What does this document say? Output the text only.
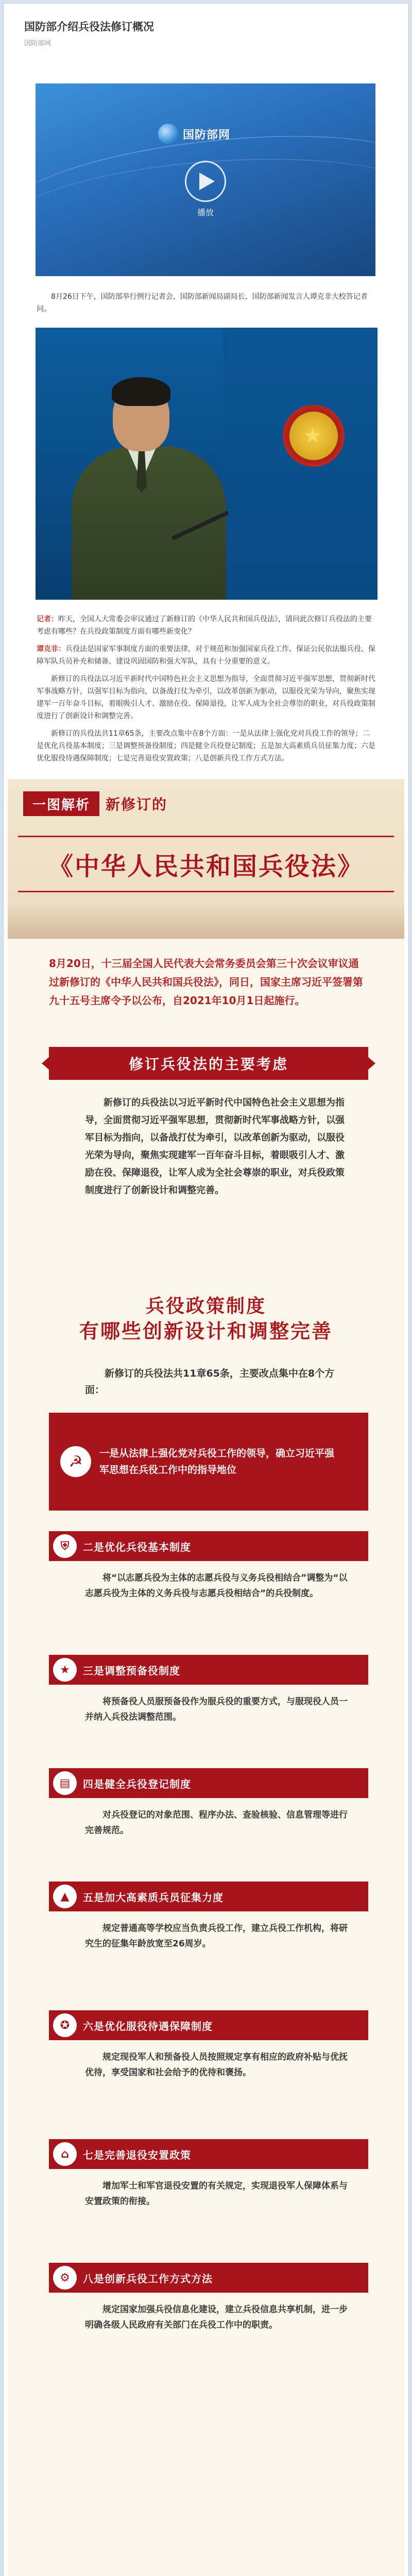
国防部介绍兵役法修订概况
国防部网
国防部网
播放

8月26日下午，国防部举行例行记者会，国防部新闻局副局长、国防部新闻发言人谭克非大校答记者问。

★

记者：昨天，全国人大常委会审议通过了新修订的《中华人民共和国兵役法》，请问此次修订兵役法的主要考虑有哪些？在兵役政策制度方面有哪些新变化？

谭克非：兵役法是国家军事制度方面的重要法律，对于规范和加强国家兵役工作、保证公民依法服兵役、保障军队兵员补充和储备、建设巩固国防和强大军队，具有十分重要的意义。

新修订的兵役法以习近平新时代中国特色社会主义思想为指导，全面贯彻习近平强军思想，贯彻新时代军事战略方针，以强军目标为指向，以备战打仗为牵引，以改革创新为驱动，以服役光荣为导向，聚焦实现建军一百年奋斗目标，着眼吸引人才、激励在役、保障退役，让军人成为全社会尊崇的职业，对兵役政策制度进行了创新设计和调整完善。

新修订的兵役法共11章65条，主要改点集中在8个方面：一是从法律上强化党对兵役工作的领导；二是优化兵役基本制度；三是调整预备役制度；四是健全兵役登记制度；五是加大高素质兵员征集力度；六是优化服役待遇保障制度；七是完善退役安置政策；八是创新兵役工作方式方法。

一图解析	新修订的
《中华人民共和国兵役法》
8月20日，十三届全国人民代表大会常务委员会第三十次会议审议通过新修订的《中华人民共和国兵役法》，同日，国家主席习近平签署第九十五号主席令予以公布，自2021年10月1日起施行。
修订兵役法的主要考虑
新修订的兵役法以习近平新时代中国特色社会主义思想为指导，全面贯彻习近平强军思想，贯彻新时代军事战略方针，以强军目标为指向，以备战打仗为牵引，以改革创新为驱动，以服役光荣为导向，聚焦实现建军一百年奋斗目标，着眼吸引人才、激励在役、保障退役，让军人成为全社会尊崇的职业，对兵役政策制度进行了创新设计和调整完善。
兵役政策制度
有哪些创新设计和调整完善
新修订的兵役法共11章65条，主要改点集中在8个方面：
☭	一是从法律上强化党对兵役工作的领导，确立习近平强军思想在兵役工作中的指导地位
⛨	二是优化兵役基本制度
将“以志愿兵役为主体的志愿兵役与义务兵役相结合”调整为“以志愿兵役为主体的义务兵役与志愿兵役相结合”的兵役制度。
★	三是调整预备役制度
将预备役人员服预备役作为服兵役的重要方式，与服现役人员一并纳入兵役法调整范围。
▤	四是健全兵役登记制度
对兵役登记的对象范围、程序办法、查验核验、信息管理等进行完善规范。
▲	五是加大高素质兵员征集力度
规定普通高等学校应当负责兵役工作，建立兵役工作机构，将研究生的征集年龄放宽至26周岁。
✪	六是优化服役待遇保障制度
规定现役军人和预备役人员按照规定享有相应的政府补贴与优抚优待，享受国家和社会给予的优待和褒扬。
⌂	七是完善退役安置政策
增加军士和军官退役安置的有关规定，实现退役军人保障体系与安置政策的衔接。
⚙	八是创新兵役工作方式方法
规定国家加强兵役信息化建设，建立兵役信息共享机制，进一步明确各级人民政府有关部门在兵役工作中的职责。
